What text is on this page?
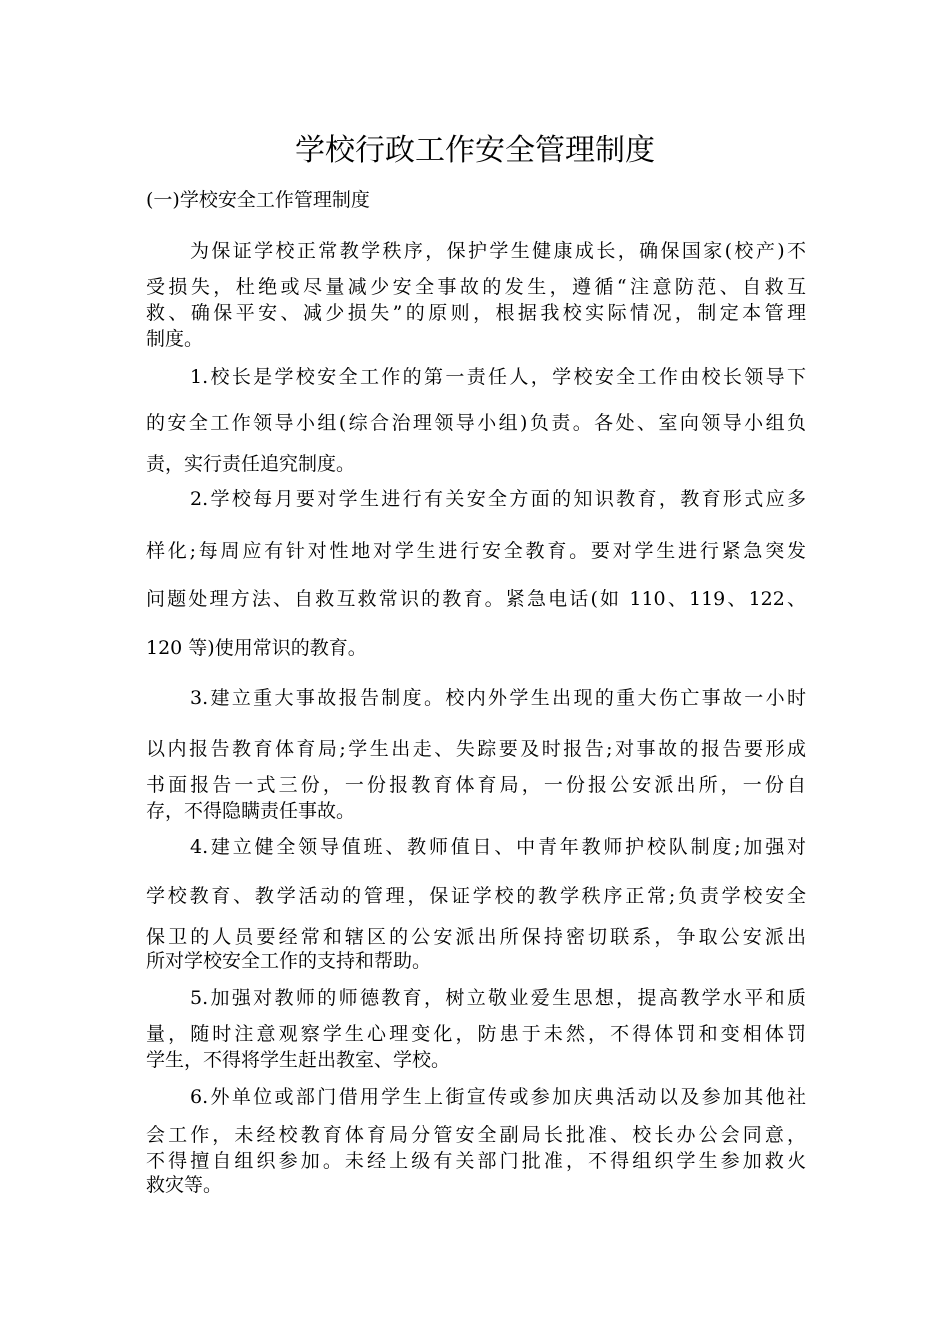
学校行政工作安全管理制度

(一)学校安全工作管理制度

为保证学校正常教学秩序，保护学生健康成长，确保国家(校产)不

受损失，杜绝或尽量减少安全事故的发生，遵循“注意防范、自救互

救、确保平安、减少损失”的原则，根据我校实际情况，制定本管理

制度。

1.校长是学校安全工作的第一责任人，学校安全工作由校长领导下

的安全工作领导小组(综合治理领导小组)负责。各处、室向领导小组负

责，实行责任追究制度。

2.学校每月要对学生进行有关安全方面的知识教育，教育形式应多

样化;每周应有针对性地对学生进行安全教育。要对学生进行紧急突发

问题处理方法、自救互救常识的教育。紧急电话(如 110、119、122、

120 等)使用常识的教育。

3.建立重大事故报告制度。校内外学生出现的重大伤亡事故一小时

以内报告教育体育局;学生出走、失踪要及时报告;对事故的报告要形成

书面报告一式三份，一份报教育体育局，一份报公安派出所，一份自

存，不得隐瞒责任事故。

4.建立健全领导值班、教师值日、中青年教师护校队制度;加强对

学校教育、教学活动的管理，保证学校的教学秩序正常;负责学校安全

保卫的人员要经常和辖区的公安派出所保持密切联系，争取公安派出

所对学校安全工作的支持和帮助。

5.加强对教师的师德教育，树立敬业爱生思想，提高教学水平和质

量，随时注意观察学生心理变化，防患于未然，不得体罚和变相体罚

学生，不得将学生赶出教室、学校。

6.外单位或部门借用学生上街宣传或参加庆典活动以及参加其他社

会工作，未经校教育体育局分管安全副局长批准、校长办公会同意，

不得擅自组织参加。未经上级有关部门批准，不得组织学生参加救火

救灾等。
